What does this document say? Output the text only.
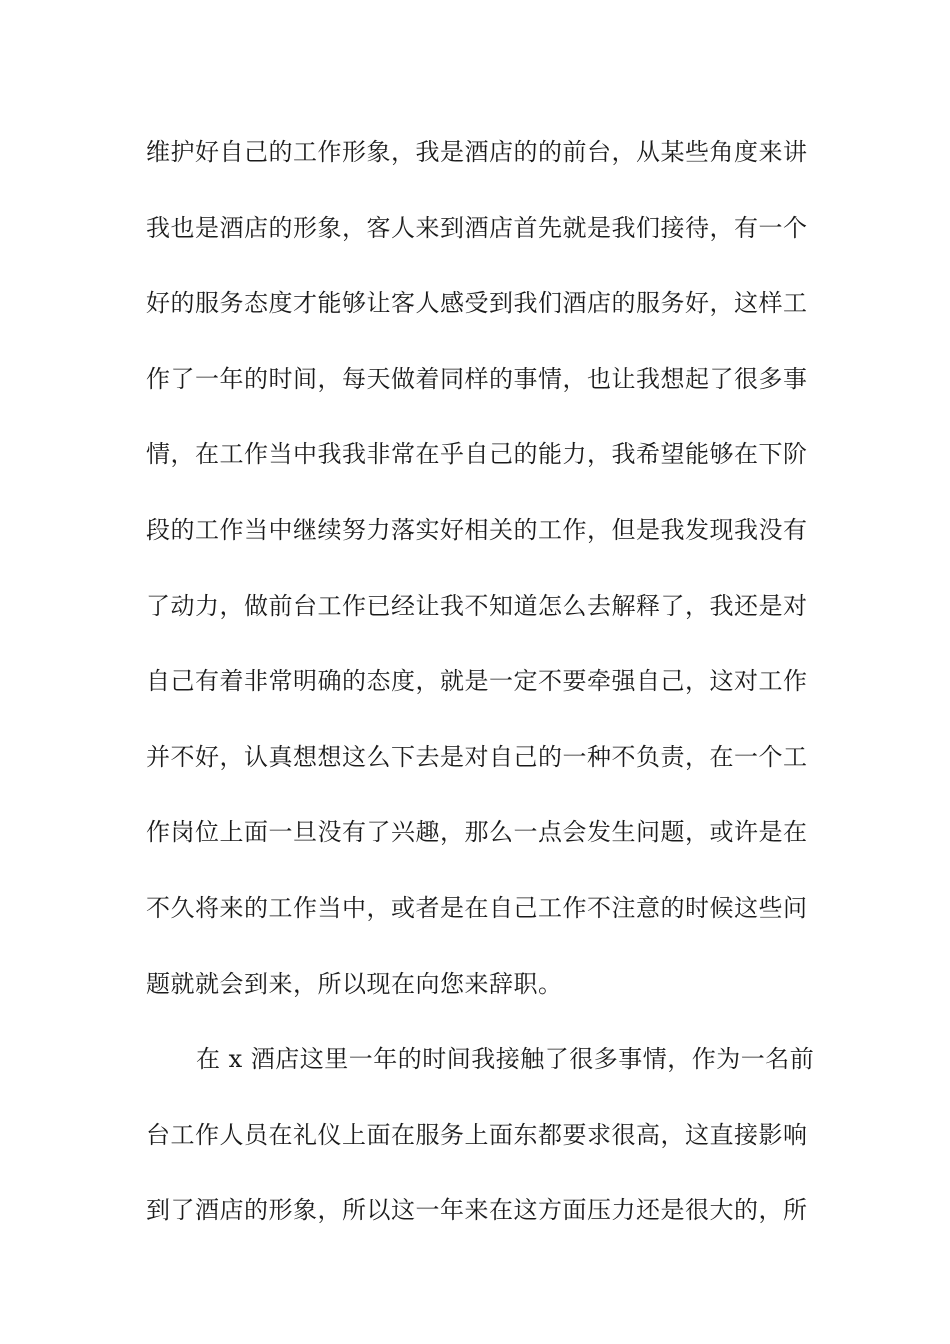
维护好自己的工作形象，我是酒店的的前台，从某些角度来讲
我也是酒店的形象，客人来到酒店首先就是我们接待，有一个
好的服务态度才能够让客人感受到我们酒店的服务好，这样工
作了一年的时间，每天做着同样的事情，也让我想起了很多事
情，在工作当中我我非常在乎自己的能力，我希望能够在下阶
段的工作当中继续努力落实好相关的工作，但是我发现我没有
了动力，做前台工作已经让我不知道怎么去解释了，我还是对
自己有着非常明确的态度，就是一定不要牵强自己，这对工作
并不好，认真想想这么下去是对自己的一种不负责，在一个工
作岗位上面一旦没有了兴趣，那么一点会发生问题，或许是在
不久将来的工作当中，或者是在自己工作不注意的时候这些问
题就就会到来，所以现在向您来辞职。
在 x 酒店这里一年的时间我接触了很多事情，作为一名前
台工作人员在礼仪上面在服务上面东都要求很高，这直接影响
到了酒店的形象，所以这一年来在这方面压力还是很大的，所
